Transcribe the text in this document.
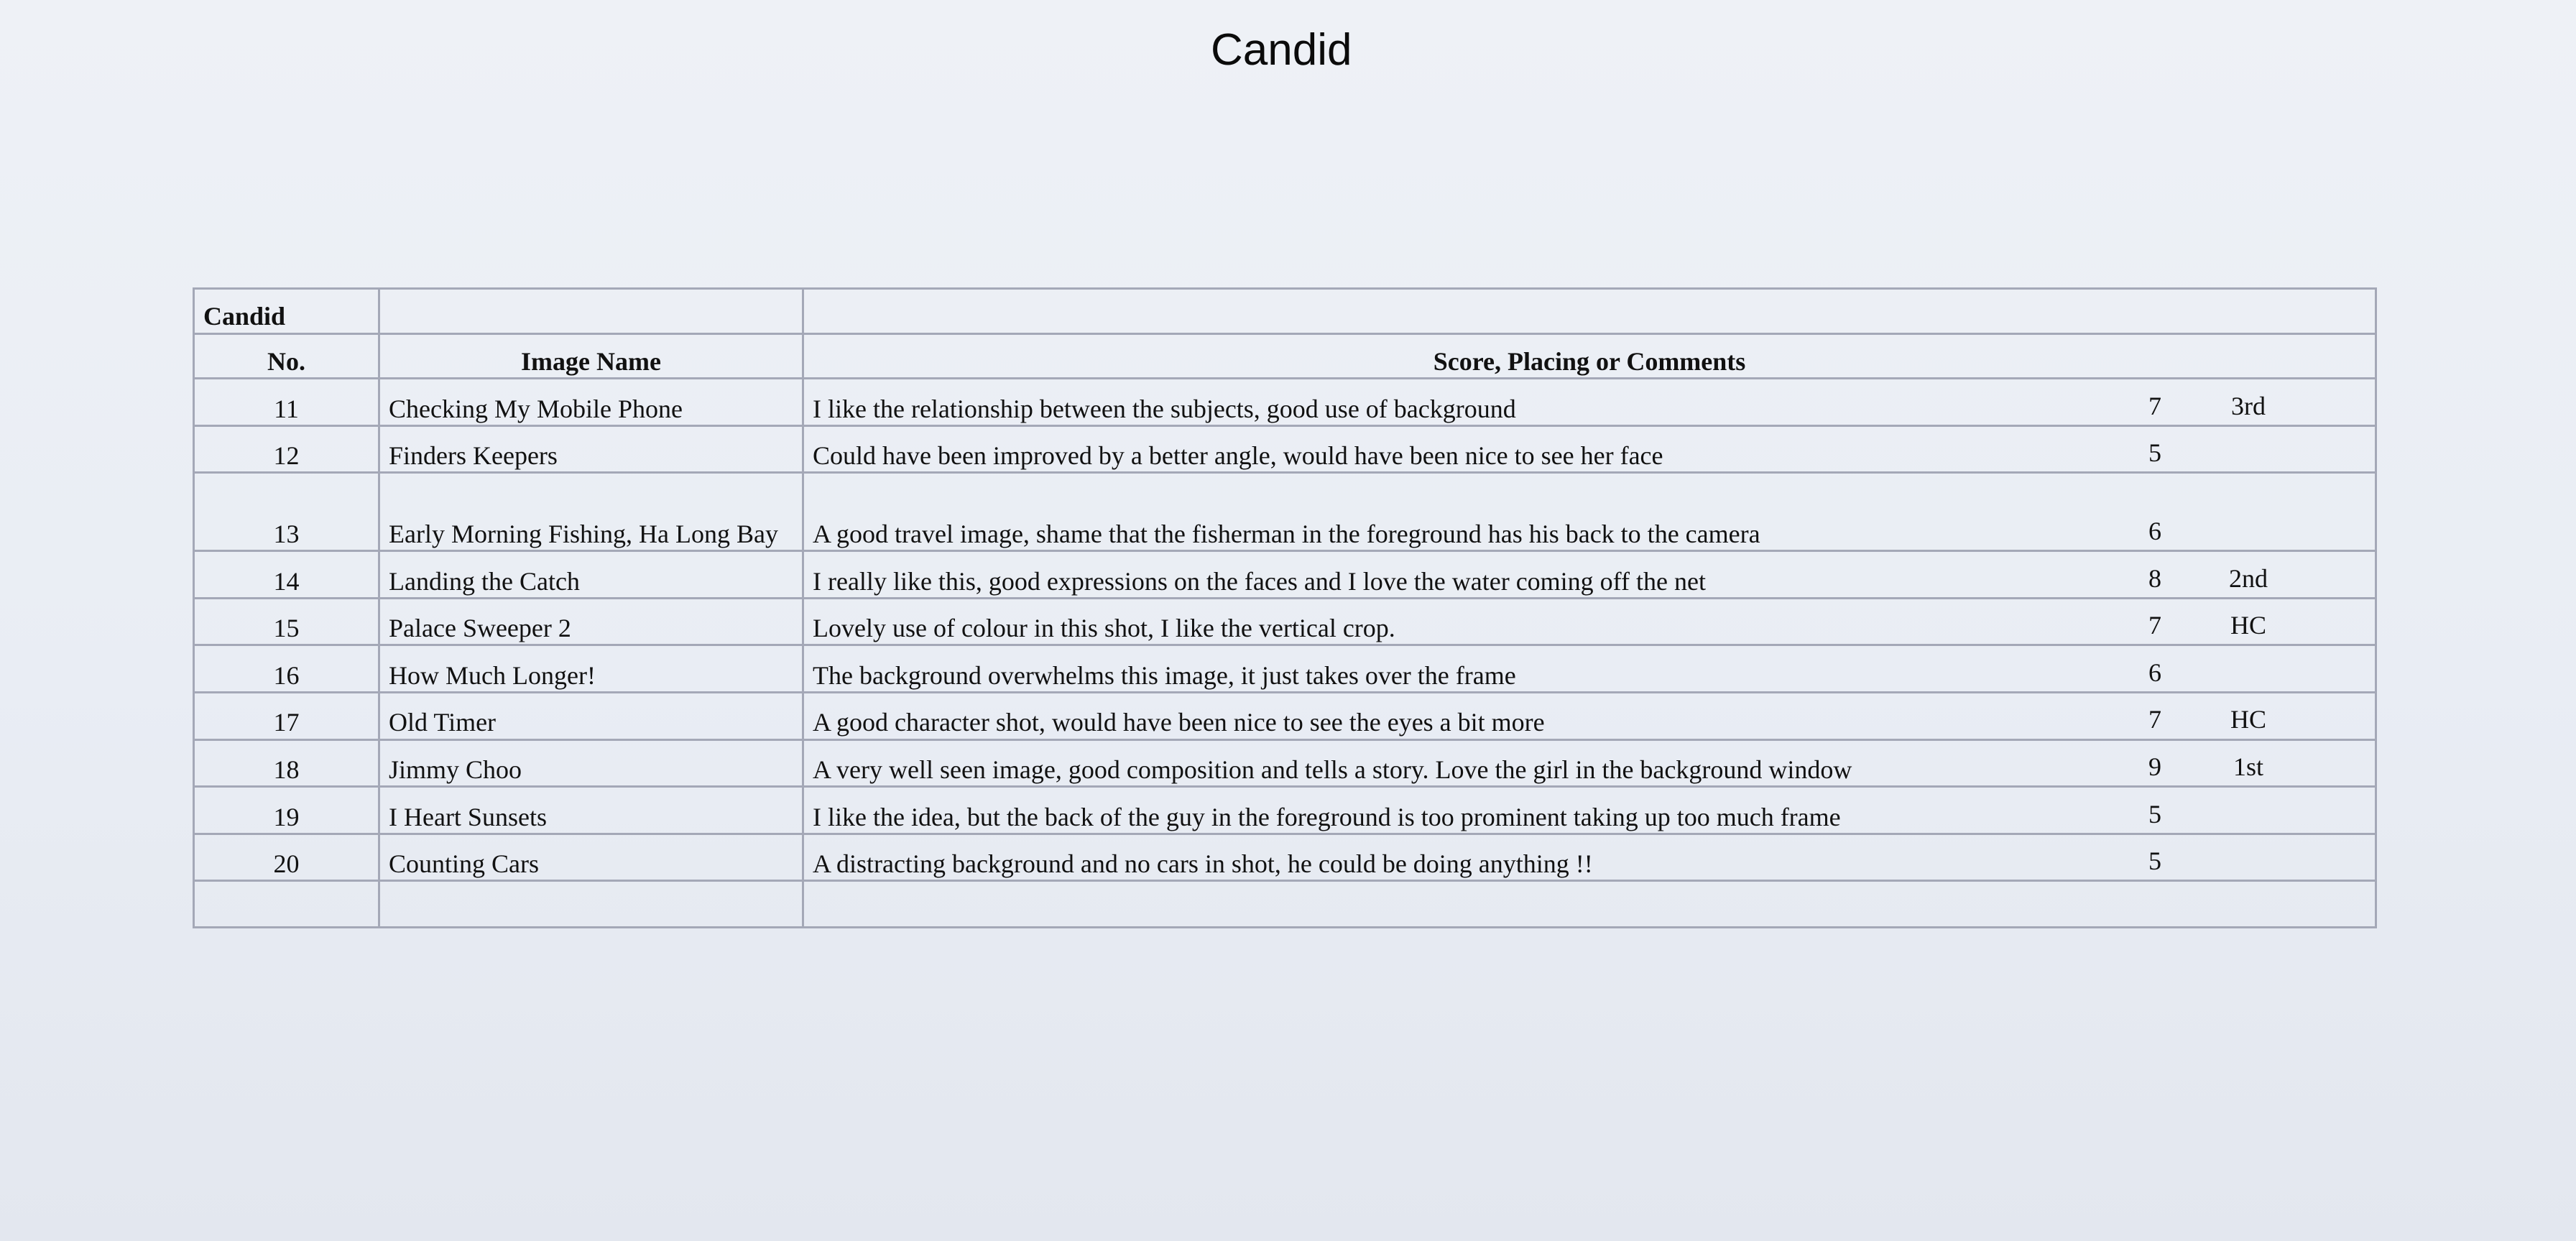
Candid
Candid		
No.	Image Name	Score, Placing or Comments
11	Checking My Mobile Phone	I like the relationship between the subjects, good use of background 7 3rd

12	Finders Keepers	Could have been improved by a better angle, would have been nice to see her face 5

13	Early Morning Fishing, Ha Long Bay	A good travel image, shame that the fisherman in the foreground has his back to the camera 6

14	Landing the Catch	I really like this, good expressions on the faces and I love the water coming off the net 8 2nd

15	Palace Sweeper 2	Lovely use of colour in this shot, I like the vertical crop. 7 HC

16	How Much Longer!	The background overwhelms this image, it just takes over the frame 6

17	Old Timer	A good character shot, would have been nice to see the eyes a bit more 7 HC

18	Jimmy Choo	A very well seen image, good composition and tells a story. Love the girl in the background window 9 1st

19	I Heart Sunsets	I like the idea, but the back of the guy in the foreground is too prominent taking up too much frame 5

20	Counting Cars	A distracting background and no cars in shot, he could be doing anything !! 5
